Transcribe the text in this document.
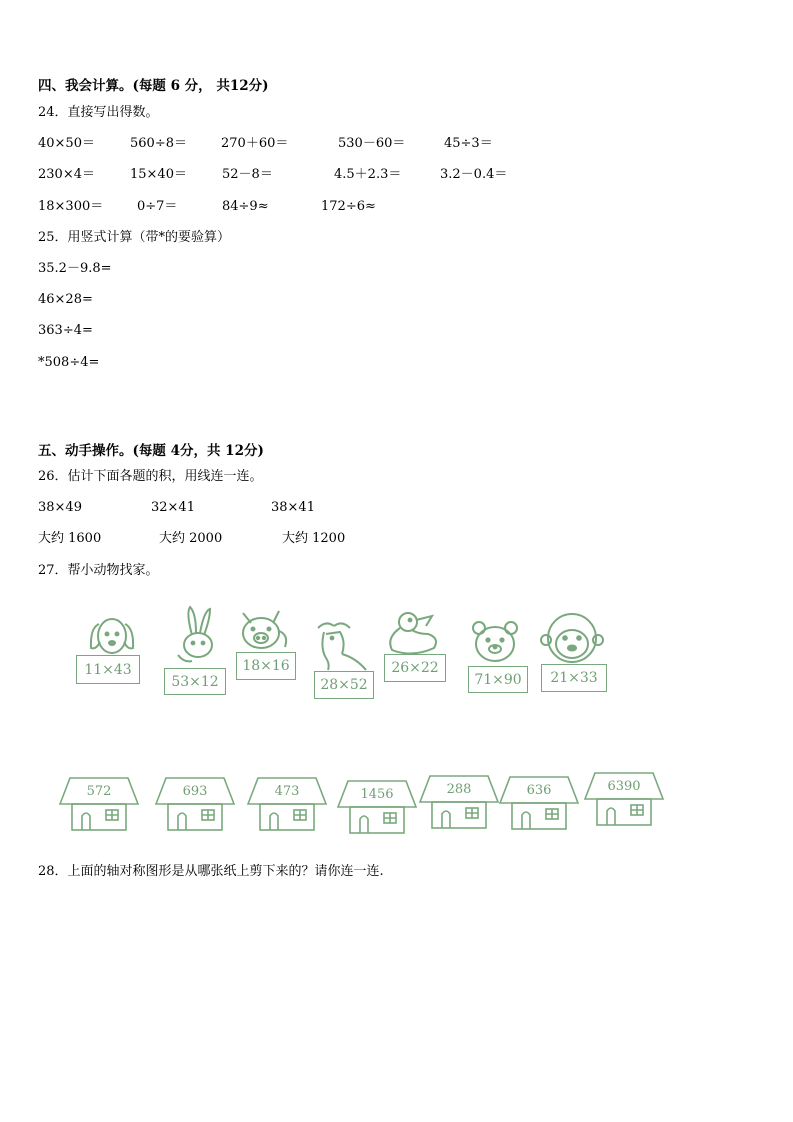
四、我会计算。(每题 6 分， 共12分)
24．直接写出得数。
40×50＝	560÷8＝	270＋60＝	530－60＝	45÷3＝
230×4＝	15×40＝	52－8＝	4.5＋2.3＝	3.2－0.4＝
18×300＝	0÷7＝	84÷9≈	172÷6≈
25．用竖式计算（带*的要验算）
35.2－9.8=
46×28=
363÷4=
*508÷4=
五、动手操作。(每题 4分，共 12分)
26．估计下面各题的积，用线连一连。
38×49	32×41	38×41
大约 1600	大约 2000	大约 1200
27．帮小动物找家。
11×43
53×12
18×16
28×52
26×22
71×90	21×33
572	693	473	1456	288	636	6390
28．上面的轴对称图形是从哪张纸上剪下来的？请你连一连.
